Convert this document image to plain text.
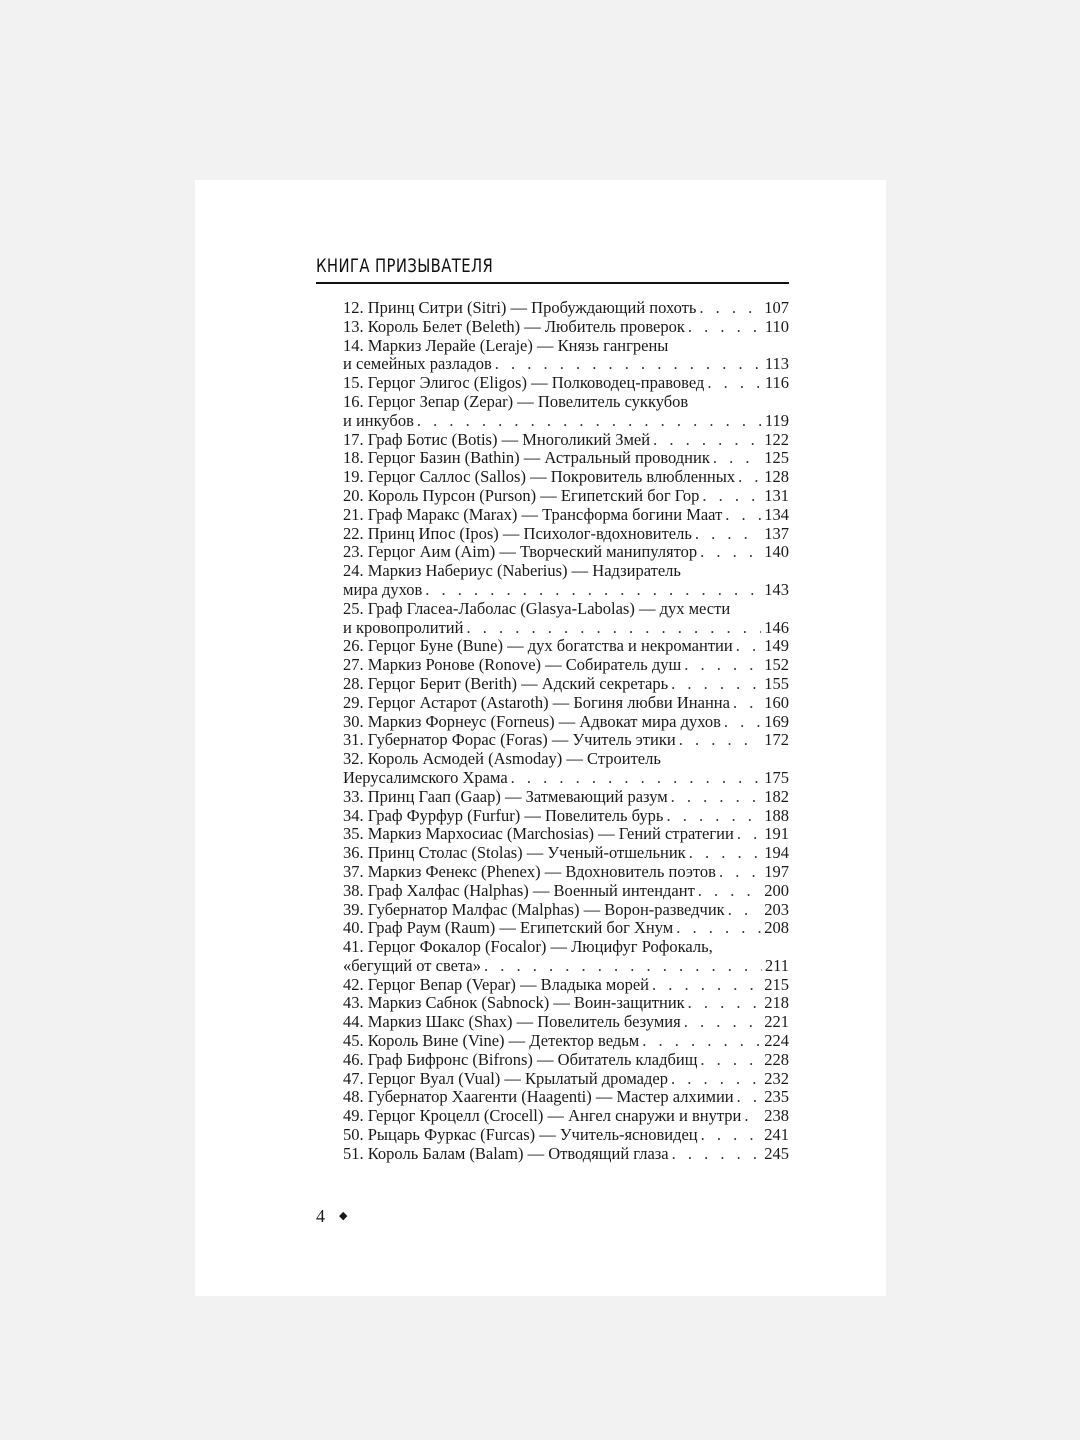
КНИГА ПРИЗЫВАТЕЛЯ
12. Принц Ситри (Sitri) — Пробуждающий похоть . . .	107
13. Король Белет (Beleth) — Любитель проверок . . .	110
14. Маркиз Лерайе (Leraje) — Князь гангрены
и семейных разладов . . .	113
15. Герцог Элигос (Eligos) — Полководец-правовед . . .	116
16. Герцог Зепар (Zepar) — Повелитель суккубов
и инкубов . . .	119
17. Граф Ботис (Botis) — Многоликий Змей . . .	122
18. Герцог Базин (Bathin) — Астральный проводник . . .	125
19. Герцог Саллос (Sallos) — Покровитель влюбленных . . . 128
20. Король Пурсон (Purson) — Египетский бог Гор . . .	131
21. Граф Маракс (Marax) — Трансформа богини Маат . . .	134
22. Принц Ипос (Ipos) — Психолог-вдохновитель . . .	137
23. Герцог Аим (Aim) — Творческий манипулятор . . .	140
24. Маркиз Набериус (Naberius) — Надзиратель
мира духов . . .	143
25. Граф Гласеа-Лаболас (Glasya-Labolas) — дух мести
и кровопролитий . . .	146
26. Герцог Буне (Bune) — дух богатства и некромантии . . . 149
27. Маркиз Ронове (Ronove) — Собиратель душ . . .	152
28. Герцог Берит (Berith) — Адский секретарь . . .	155
29. Герцог Астарот (Astaroth) — Богиня любви Инанна . . . 160
30. Маркиз Форнеус (Forneus) — Адвокат мира духов . . .	169
31. Губернатор Форас (Foras) — Учитель этики . . .	172
32. Король Асмодей (Asmoday) — Строитель
Иерусалимского Храма . . .	175
33. Принц Гаап (Gaap) — Затмевающий разум . . .	182
34. Граф Фурфур (Furfur) — Повелитель бурь . . .	188
35. Маркиз Мархосиас (Marchosias) — Гений стратегии . . . 191
36. Принц Столас (Stolas) — Ученый-отшельник . . .	194
37. Маркиз Фенекс (Phenex) — Вдохновитель поэтов . . .	197
38. Граф Халфас (Halphas) — Военный интендант . . .	200
39. Губернатор Малфас (Malphas) — Ворон-разведчик . . . 203
40. Граф Раум (Raum) — Египетский бог Хнум . . .	208
41. Герцог Фокалор (Focalor) — Люцифуг Рофокаль,
«бегущий от света» . . .	211
42. Герцог Вепар (Vepar) — Владыка морей . . .	215
43. Маркиз Сабнок (Sabnock) — Воин-защитник . . .	218
44. Маркиз Шакс (Shax) — Повелитель безумия . . .	221
45. Король Вине (Vine) — Детектор ведьм . . .	224
46. Граф Бифронс (Bifrons) — Обитатель кладбищ . . .	228
47. Герцог Вуал (Vual) — Крылатый дромадер . . .	232
48. Губернатор Хаагенти (Haagenti) — Мастер алхимии . . . 235
49. Герцог Кроцелл (Crocell) — Ангел снаружи и внутри . . . 238
50. Рыцарь Фуркас (Furcas) — Учитель-ясновидец . . .	241
51. Король Балам (Balam) — Отводящий глаза . . .	245
4 ◆
